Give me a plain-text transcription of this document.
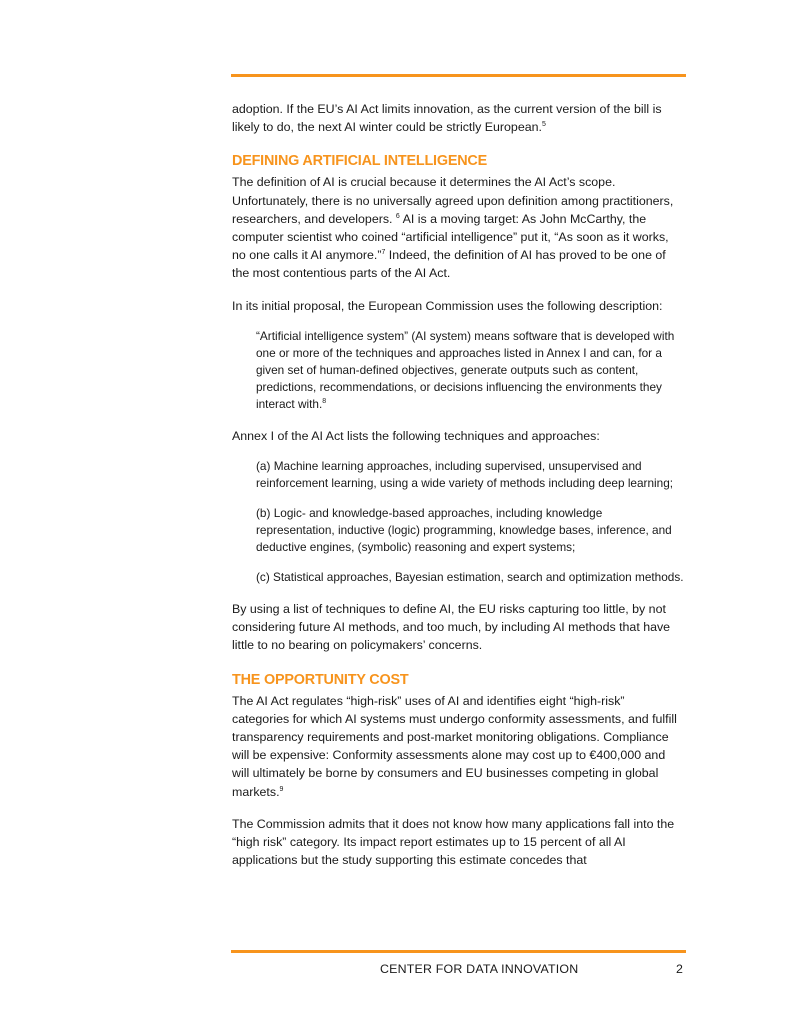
adoption. If the EU’s AI Act limits innovation, as the current version of the bill is likely to do, the next AI winter could be strictly European.$^5$

DEFINING ARTIFICIAL INTELLIGENCE

The definition of AI is crucial because it determines the AI Act’s scope. Unfortunately, there is no universally agreed upon definition among practitioners, researchers, and developers. $^6$ AI is a moving target: As John McCarthy, the computer scientist who coined “artificial intelligence” put it, “As soon as it works, no one calls it AI anymore.”$^7$ Indeed, the definition of AI has proved to be one of the most contentious parts of the AI Act.

In its initial proposal, the European Commission uses the following description:

“Artificial intelligence system” (AI system) means software that is developed with one or more of the techniques and approaches listed in Annex I and can, for a given set of human-defined objectives, generate outputs such as content, predictions, recommendations, or decisions influencing the environments they interact with.$^8$

Annex I of the AI Act lists the following techniques and approaches:

(a) Machine learning approaches, including supervised, unsupervised and reinforcement learning, using a wide variety of methods including deep learning;

(b) Logic- and knowledge-based approaches, including knowledge representation, inductive (logic) programming, knowledge bases, inference, and deductive engines, (symbolic) reasoning and expert systems;

(c) Statistical approaches, Bayesian estimation, search and optimization methods.

By using a list of techniques to define AI, the EU risks capturing too little, by not considering future AI methods, and too much, by including AI methods that have little to no bearing on policymakers’ concerns.

THE OPPORTUNITY COST

The AI Act regulates “high-risk” uses of AI and identifies eight “high-risk” categories for which AI systems must undergo conformity assessments, and fulfill transparency requirements and post-market monitoring obligations. Compliance will be expensive: Conformity assessments alone may cost up to €400,000 and will ultimately be borne by consumers and EU businesses competing in global markets.$^9$

The Commission admits that it does not know how many applications fall into the “high risk” category. Its impact report estimates up to 15 percent of all AI applications but the study supporting this estimate concedes that

CENTER FOR DATA INNOVATION	2
